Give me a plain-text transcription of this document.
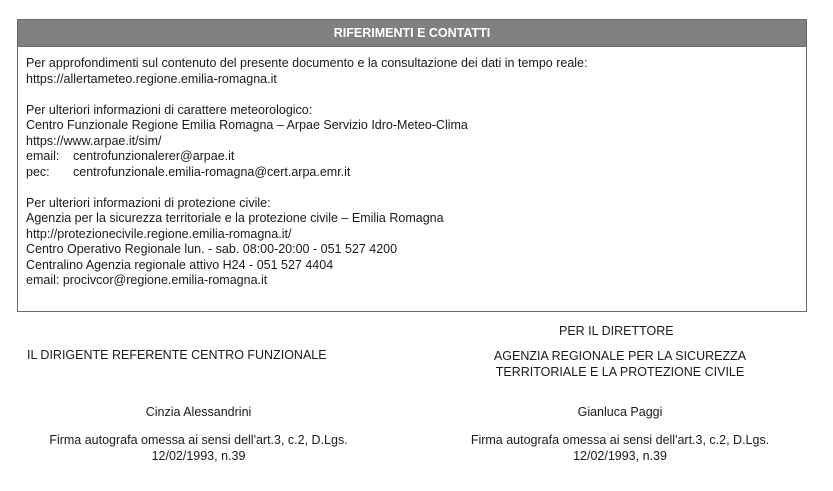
RIFERIMENTI E CONTATTI
Per approfondimenti sul contenuto del presente documento e la consultazione dei dati in tempo reale:
https://allertameteo.regione.emilia-romagna.it
Per ulteriori informazioni di carattere meteorologico:
Centro Funzionale Regione Emilia Romagna – Arpae Servizio Idro-Meteo-Clima
https://www.arpae.it/sim/
email: centrofunzionalerer@arpae.it
pec: centrofunzionale.emilia-romagna@cert.arpa.emr.it
Per ulteriori informazioni di protezione civile:
Agenzia per la sicurezza territoriale e la protezione civile – Emilia Romagna
http://protezionecivile.regione.emilia-romagna.it/
Centro Operativo Regionale lun. - sab. 08:00-20:00 - 051 527 4200
Centralino Agenzia regionale attivo H24 - 051 527 4404
email: procivcor@regione.emilia-romagna.it
PER IL DIRETTORE
AGENZIA REGIONALE PER LA SICUREZZA
TERRITORIALE E LA PROTEZIONE CIVILE
Gianluca Paggi
Firma autografa omessa ai sensi dell'art.3, c.2, D.Lgs.
12/02/1993, n.39
IL DIRIGENTE REFERENTE CENTRO FUNZIONALE
Cinzia Alessandrini
Firma autografa omessa ai sensi dell'art.3, c.2, D.Lgs.
12/02/1993, n.39
